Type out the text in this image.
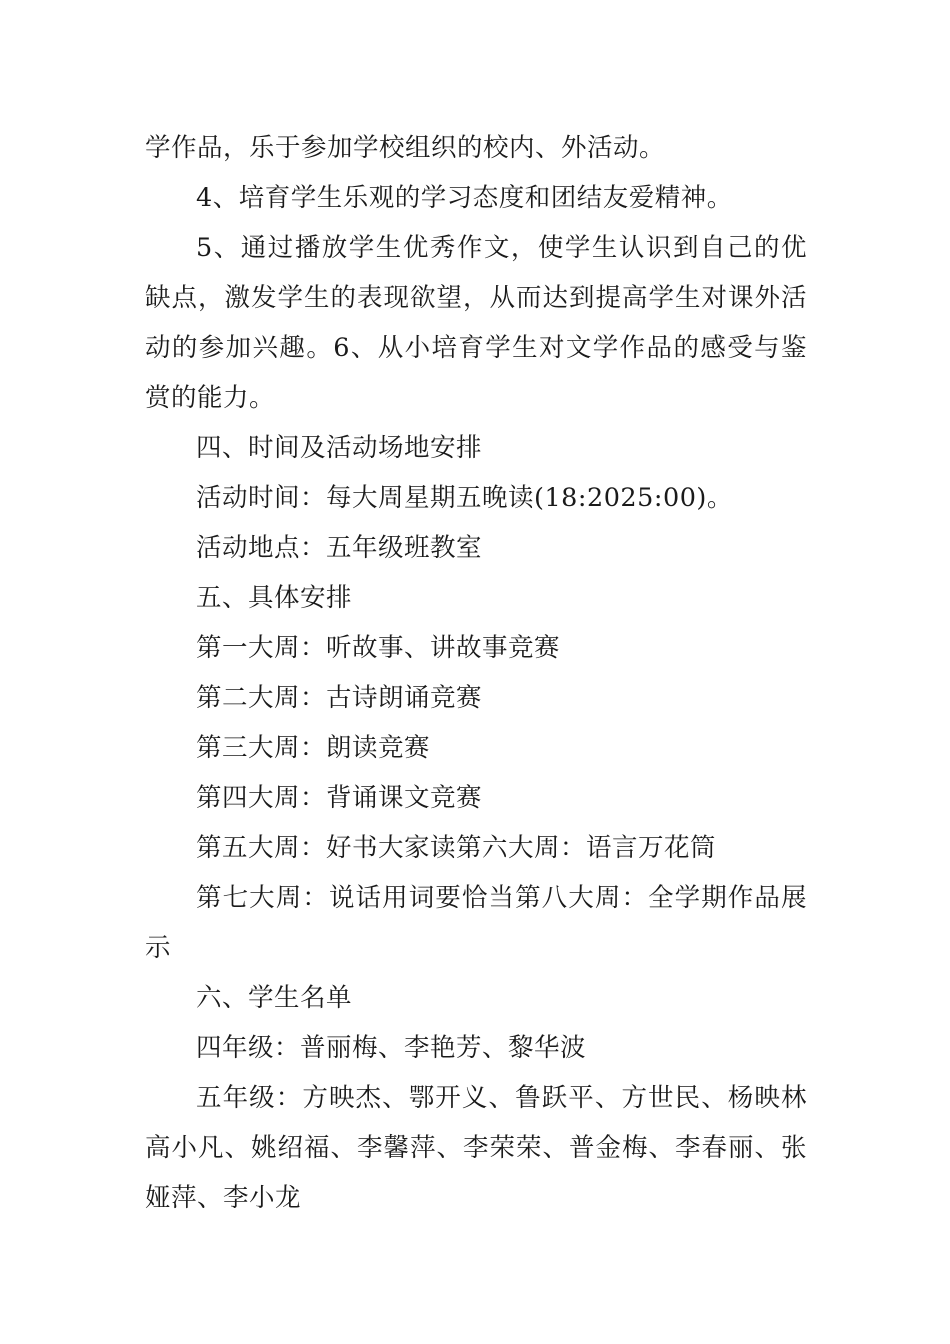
学作品，乐于参加学校组织的校内、外活动。

4、培育学生乐观的学习态度和团结友爱精神。

5、通过播放学生优秀作文，使学生认识到自己的优缺点，激发学生的表现欲望，从而达到提高学生对课外活动的参加兴趣。6、从小培育学生对文学作品的感受与鉴赏的能力。

四、时间及活动场地安排

活动时间：每大周星期五晚读(18:2025:00)。

活动地点：五年级班教室

五、具体安排

第一大周：听故事、讲故事竞赛

第二大周：古诗朗诵竞赛

第三大周：朗读竞赛

第四大周：背诵课文竞赛

第五大周：好书大家读第六大周：语言万花筒

第七大周：说话用词要恰当第八大周：全学期作品展示

六、学生名单

四年级：普丽梅、李艳芳、黎华波

五年级：方映杰、鄂开义、鲁跃平、方世民、杨映林高小凡、姚绍福、李馨萍、李荣荣、普金梅、李春丽、张娅萍、李小龙
